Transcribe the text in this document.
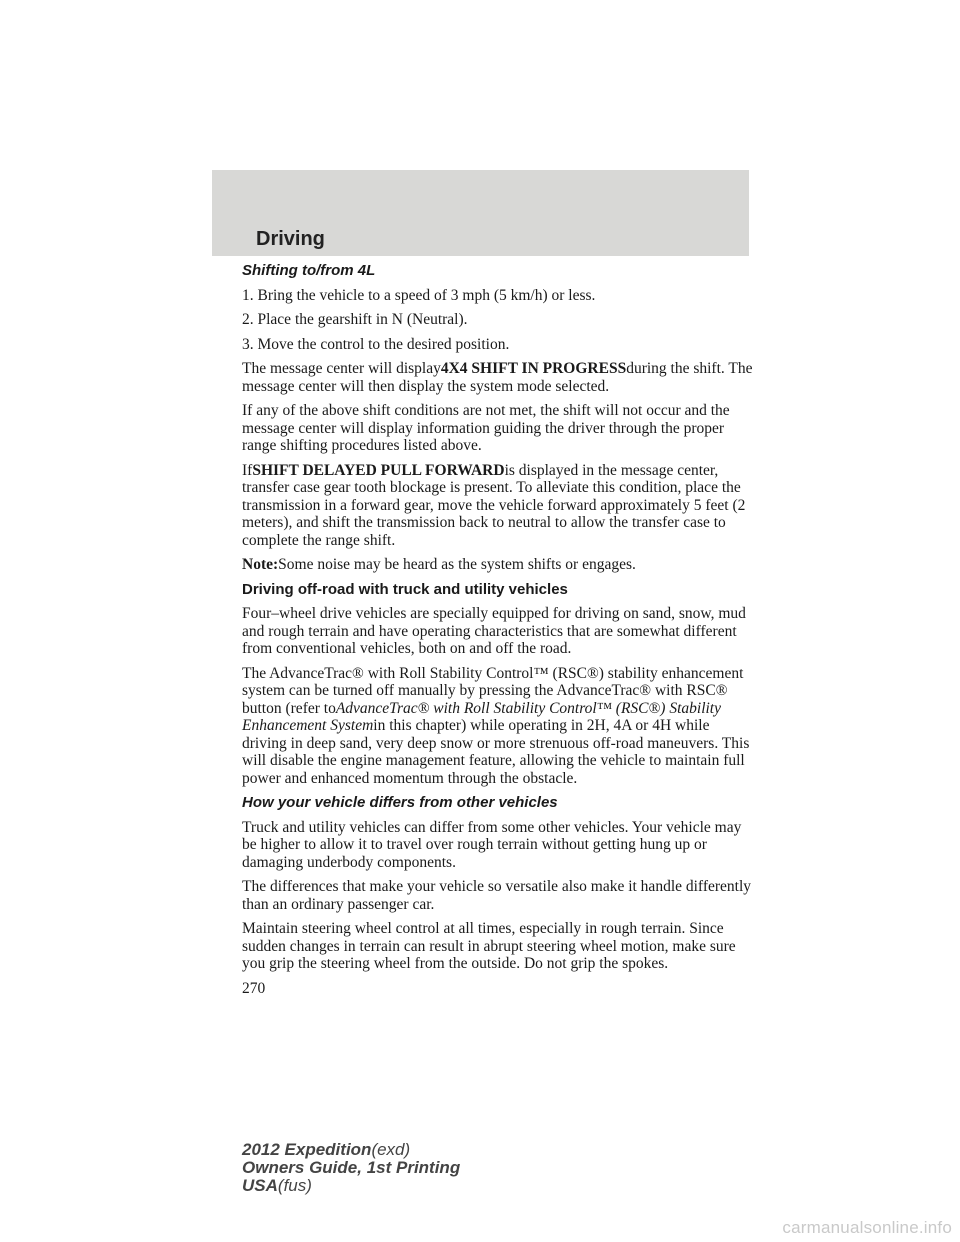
Driving

Shifting to/from 4L

1. Bring the vehicle to a speed of 3 mph (5 km/h) or less.

2. Place the gearshift in N (Neutral).

3. Move the control to the desired position.

The message center will display4X4 SHIFT IN PROGRESSduring the shift. The message center will then display the system mode selected.

If any of the above shift conditions are not met, the shift will not occur and the message center will display information guiding the driver through the proper range shifting procedures listed above.

IfSHIFT DELAYED PULL FORWARDis displayed in the message center, transfer case gear tooth blockage is present. To alleviate this condition, place the transmission in a forward gear, move the vehicle forward approximately 5 feet (2 meters), and shift the transmission back to neutral to allow the transfer case to complete the range shift.

Note:Some noise may be heard as the system shifts or engages.

Driving off-road with truck and utility vehicles

Four–wheel drive vehicles are specially equipped for driving on sand, snow, mud and rough terrain and have operating characteristics that are somewhat different from conventional vehicles, both on and off the road.

The AdvanceTrac® with Roll Stability Control™ (RSC®) stability enhancement system can be turned off manually by pressing the AdvanceTrac® with RSC® button (refer toAdvanceTrac® with Roll Stability Control™ (RSC®) Stability Enhancement Systemin this chapter) while operating in 2H, 4A or 4H while driving in deep sand, very deep snow or more strenuous off-road maneuvers. This will disable the engine management feature, allowing the vehicle to maintain full power and enhanced momentum through the obstacle.

How your vehicle differs from other vehicles

Truck and utility vehicles can differ from some other vehicles. Your vehicle may be higher to allow it to travel over rough terrain without getting hung up or damaging underbody components.

The differences that make your vehicle so versatile also make it handle differently than an ordinary passenger car.

Maintain steering wheel control at all times, especially in rough terrain. Since sudden changes in terrain can result in abrupt steering wheel motion, make sure you grip the steering wheel from the outside. Do not grip the spokes.

270

2012 Expedition(exd)
Owners Guide, 1st Printing
USA(fus)
carmanualsonline.info
